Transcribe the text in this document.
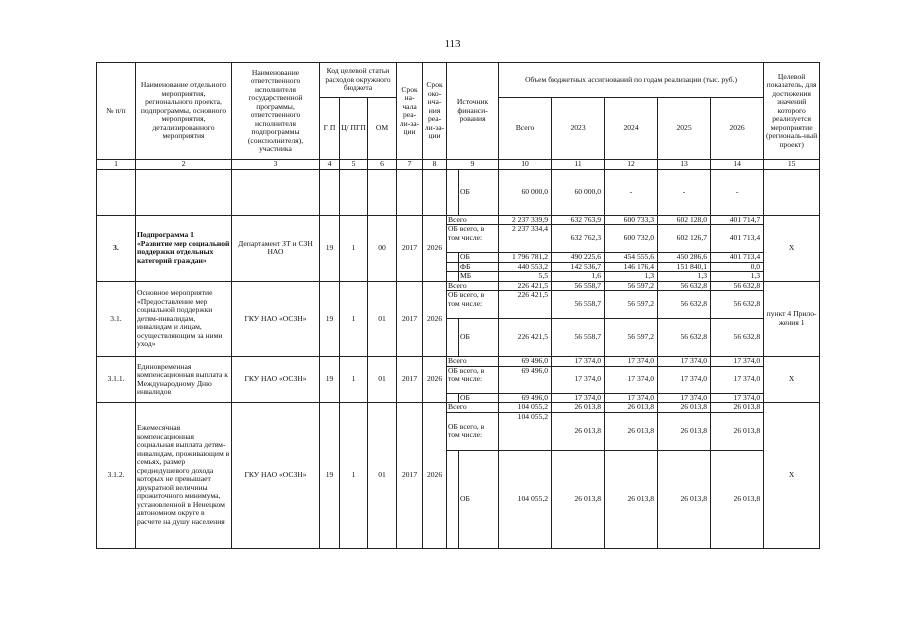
113
№ п/п	Наименование отдельного мероприятия, регионального проекта, подпрограммы, основного мероприятия, детализированного мероприятия	Наименование ответственного исполнителя государственной программы, ответственного исполнителя подпрограммы (соисполнителя), участника	Код целевой статьи расходов окружного бюджета			Срок на-чала реа-ли-за-ции	Срок око-нча-ния реа-ли-за-ции	Источник финанси-рования		Объем бюджетных ассигнований по годам реализации (тыс. руб.)					Целевой показатель, для достижения значений которого реализуется мероприятие (региональ-ный проект)
			Г П	Ц/ ПГП	ОМ					Всего	2023	2024	2025	2026	
1	2	3	4	5	6	7	8	9		10	11	12	13	14	15
									ОБ	60 000,0	60 000,0	-	-	-	
3.	Подпрограмма 1 «Развитие мер социальной поддержки отдельных категорий граждан»	Департамент ЗТ и СЗН НАО	19	1	00	2017	2026	Всего		2 237 339,9	632 763,9	600 733,3	602 128,0	401 714,7	Х
								ОБ всего, в том числе:		2 237 334,4	632 762,3	600 732,0	602 126,7	401 713,4	
									ОБ	1 796 781,2	490 225,6	454 555,6	450 286,6	401 713,4	
									ФБ	440 553,2	142 536,7	146 176,4	151 840,1	0,0	
									МБ	5,5	1,6	1,3	1,3	1,3	
3.1.	Основное мероприятие «Предоставление мер социальной поддержки детям-инвалидам, инвалидам и лицам, осуществляющим за ними уход»	ГКУ НАО «ОСЗН»	19	1	01	2017	2026	Всего		226 421,5	56 558,7	56 597,2	56 632,8	56 632,8	пункт 4 Прило-жения 1
								ОБ всего, в том числе:		226 421,5	56 558,7	56 597,2	56 632,8	56 632,8	
									ОБ	226 421,5	56 558,7	56 597,2	56 632,8	56 632,8	
3.1.1.	Единовременная компенсационная выплата к Международному Дню инвалидов	ГКУ НАО «ОСЗН»	19	1	01	2017	2026	Всего		69 496,0	17 374,0	17 374,0	17 374,0	17 374,0	Х
								ОБ всего, в том числе:		69 496,0	17 374,0	17 374,0	17 374,0	17 374,0	
									ОБ	69 496,0	17 374,0	17 374,0	17 374,0	17 374,0	
3.1.2.	Ежемесячная компенсационная социальная выплата детям-инвалидам, проживающим в семьях, размер среднедушевого дохода которых не превышает двукратной величины прожиточного минимума, установленной в Ненецком автономном округе в расчете на душу населения	ГКУ НАО «ОСЗН»	19	1	01	2017	2026	Всего		104 055,2	26 013,8	26 013,8	26 013,8	26 013,8	Х
								ОБ всего, в том числе:		104 055,2	26 013,8	26 013,8	26 013,8	26 013,8	
									ОБ	104 055,2	26 013,8	26 013,8	26 013,8	26 013,8	
